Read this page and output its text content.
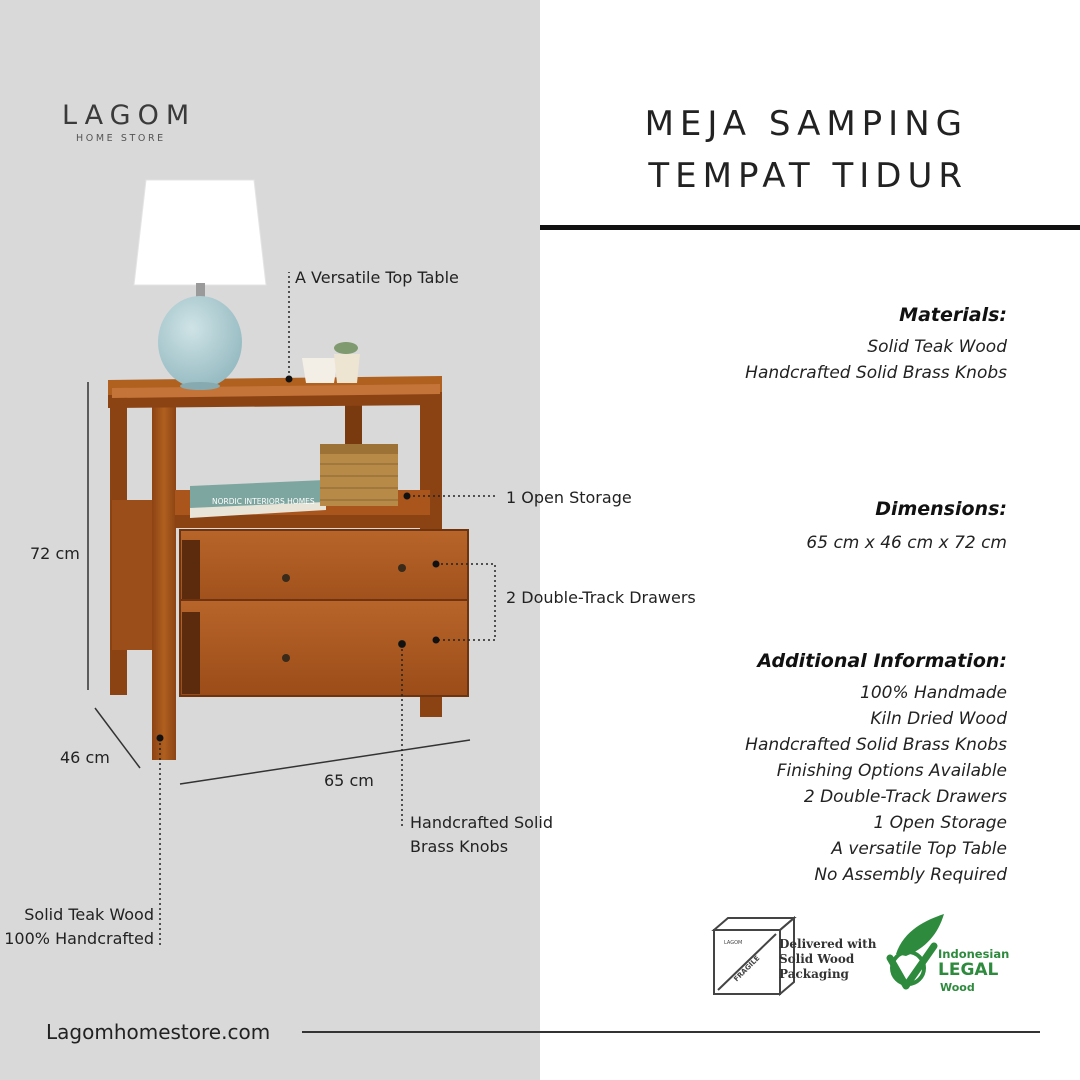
LAGOM
HOME STORE
NORDIC INTERIORS HOMES
72 cm
46 cm
65 cm
A Versatile Top Table
1 Open Storage
2 Double-Track Drawers
Handcrafted Solid
Brass Knobs
Solid Teak Wood
100% Handcrafted
MEJA SAMPING
TEMPAT TIDUR
Materials:
Solid Teak Wood
Handcrafted Solid Brass Knobs
Dimensions:
65 cm x 46 cm x 72 cm
Additional Information:
100% Handmade
Kiln Dried Wood
Handcrafted Solid Brass Knobs
Finishing Options Available
2 Double-Track Drawers
1 Open Storage
A versatile Top Table
No Assembly Required
LAGOM
FRAGILE
Delivered with
Solid Wood
Packaging
Indonesian
LEGAL
Wood
Lagomhomestore.com
